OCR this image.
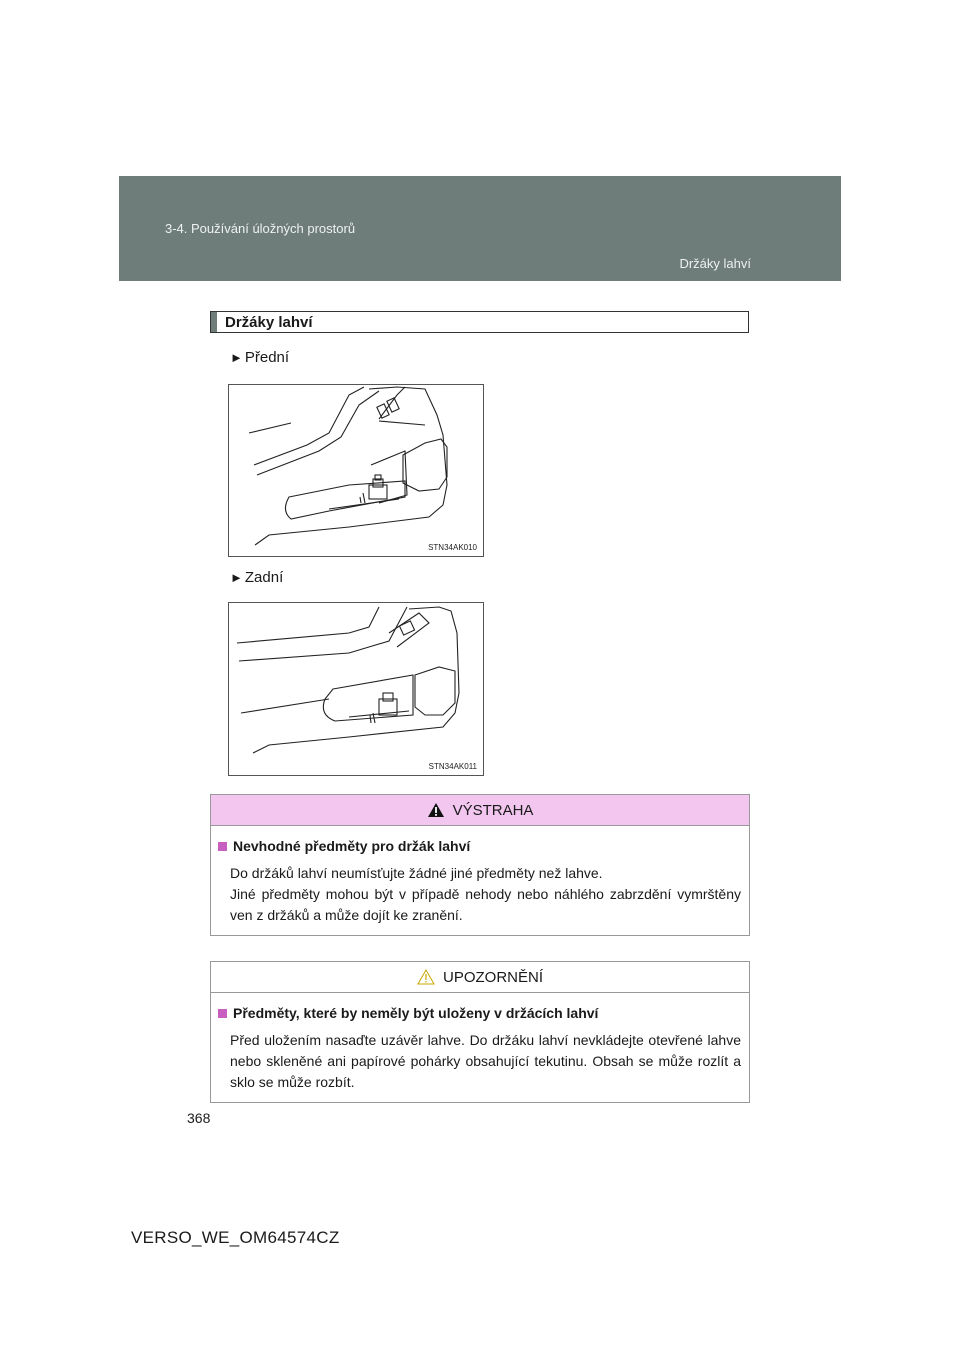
3-4. Používání úložných prostorů
Držáky lahví
Držáky lahví
► Přední
STN34AK010
► Zadní
STN34AK011
VÝSTRAHA
Nevhodné předměty pro držák lahví
Do držáků lahví neumísťujte žádné jiné předměty než lahve.
Jiné předměty mohou být v případě nehody nebo náhlého zabrzdění vymrštěny ven z držáků a může dojít ke zranění.
UPOZORNĚNÍ
Předměty, které by neměly být uloženy v držácích lahví
Před uložením nasaďte uzávěr lahve. Do držáku lahví nevkládejte otevřené lahve nebo skleněné ani papírové pohárky obsahující tekutinu. Obsah se může rozlít a sklo se může rozbít.
368
VERSO_WE_OM64574CZ
